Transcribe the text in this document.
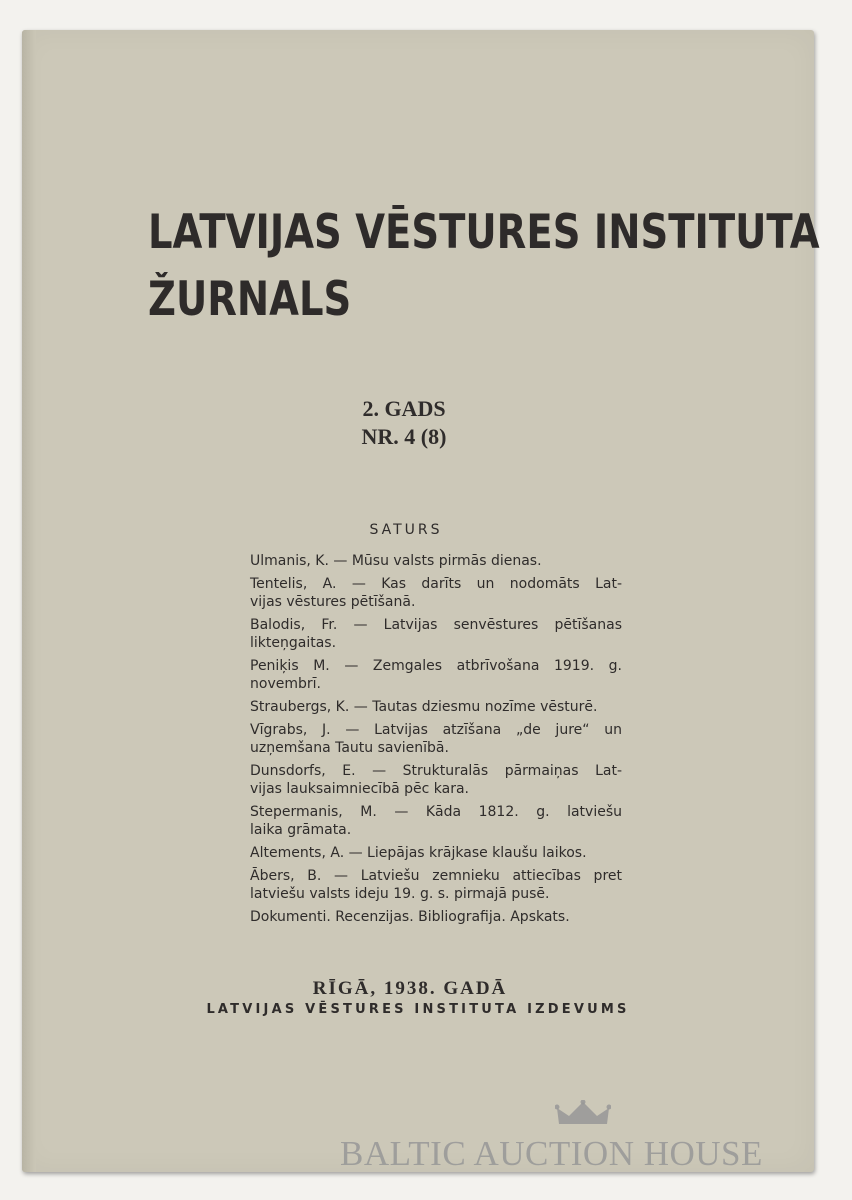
LATVIJAS VĒSTURES INSTITUTA
ŽURNALS
2. GADS
NR. 4 (8)
SATURS
Ulmanis, K. — Mūsu valsts pirmās dienas.
Tentelis, A. — Kas darīts un nodomāts Lat-
vijas vēstures pētīšanā.
Balodis, Fr. — Latvijas senvēstures pētīšanas
likteņgaitas.
Peniķis M. — Zemgales atbrīvošana 1919. g.
novembrī.
Straubergs, K. — Tautas dziesmu nozīme vēsturē.
Vīgrabs, J. — Latvijas atzīšana „de jure“ un
uzņemšana Tautu savienībā.
Dunsdorfs, E. — Strukturalās pārmaiņas Lat-
vijas lauksaimniecībā pēc kara.
Stepermanis, M. — Kāda 1812. g. latviešu
laika grāmata.
Altements, A. — Liepājas krājkase klaušu laikos.
Ābers, B. — Latviešu zemnieku attiecības pret
latviešu valsts ideju 19. g. s. pirmajā pusē.
Dokumenti. Recenzijas. Bibliografija. Apskats.
RĪGĀ, 1938. GADĀ
LATVIJAS VĒSTURES INSTITUTA IZDEVUMS
BALTIC AUCTION HOUSE
